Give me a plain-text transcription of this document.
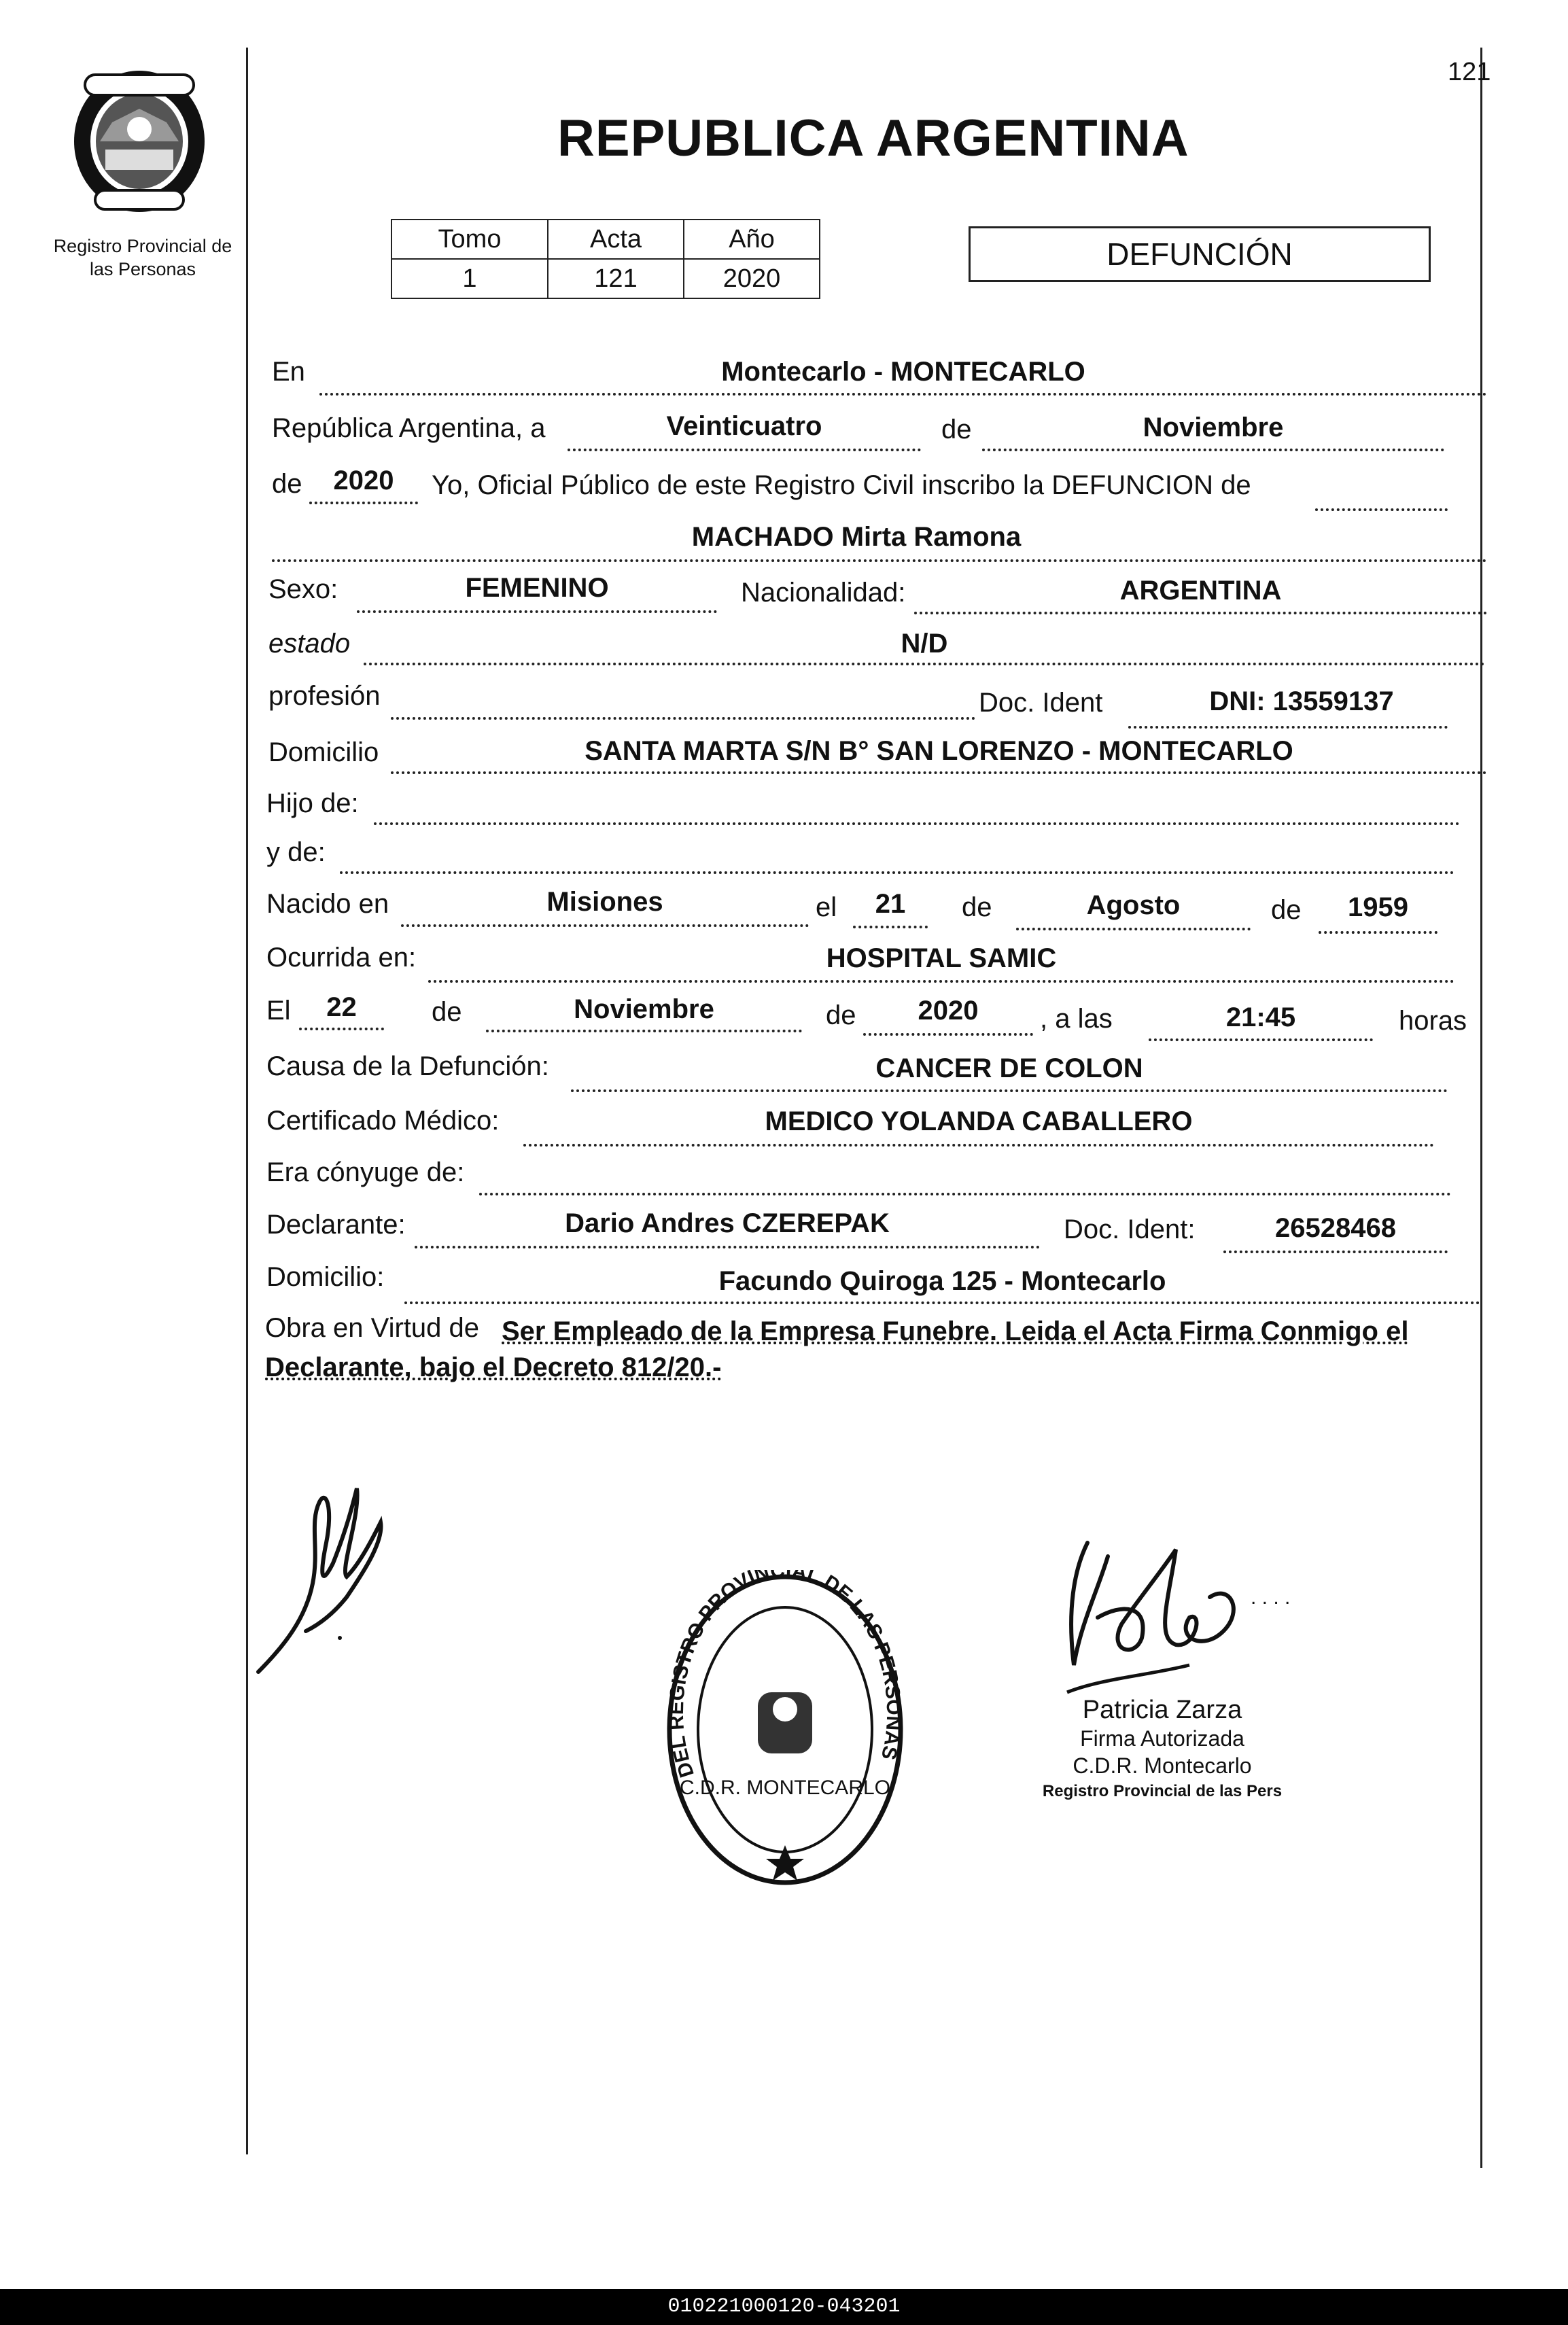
Registro Provincial de
las Personas
121
REPUBLICA ARGENTINA
Tomo	Acta	Año
1	121	2020
DEFUNCIÓN
En	Montecarlo - MONTECARLO
República Argentina, a	Veinticuatro	de	Noviembre
de	2020	Yo, Oficial Público de este Registro Civil inscribo la DEFUNCION de
MACHADO Mirta Ramona
Sexo:	FEMENINO	Nacionalidad:	ARGENTINA
estado	N/D
profesión	Doc. Ident	DNI: 13559137
Domicilio	SANTA MARTA S/N B° SAN LORENZO - MONTECARLO
Hijo de:
y de:
Nacido en	Misiones	el	21	de	Agosto	de	1959
Ocurrida en:	HOSPITAL SAMIC
El	22	de	Noviembre	de	2020	, a las	21:45	horas
Causa de la Defunción:	CANCER DE COLON
Certificado Médico:	MEDICO YOLANDA CABALLERO
Era cónyuge de:
Declarante:	Dario Andres CZEREPAK	Doc. Ident:	26528468
Domicilio:	Facundo Quiroga 125 - Montecarlo
Obra en Virtud de Ser Empleado de la Empresa Funebre. Leida el Acta Firma Conmigo el
Declarante, bajo el Decreto 812/20.-
DEL REGISTRO PROVINCIAL DE LAS PERSONAS
C.D.R. MONTECARLO
. . . .
Patricia Zarza
Firma Autorizada
C.D.R. Montecarlo
Registro Provincial de las Pers
010221000120-043201
